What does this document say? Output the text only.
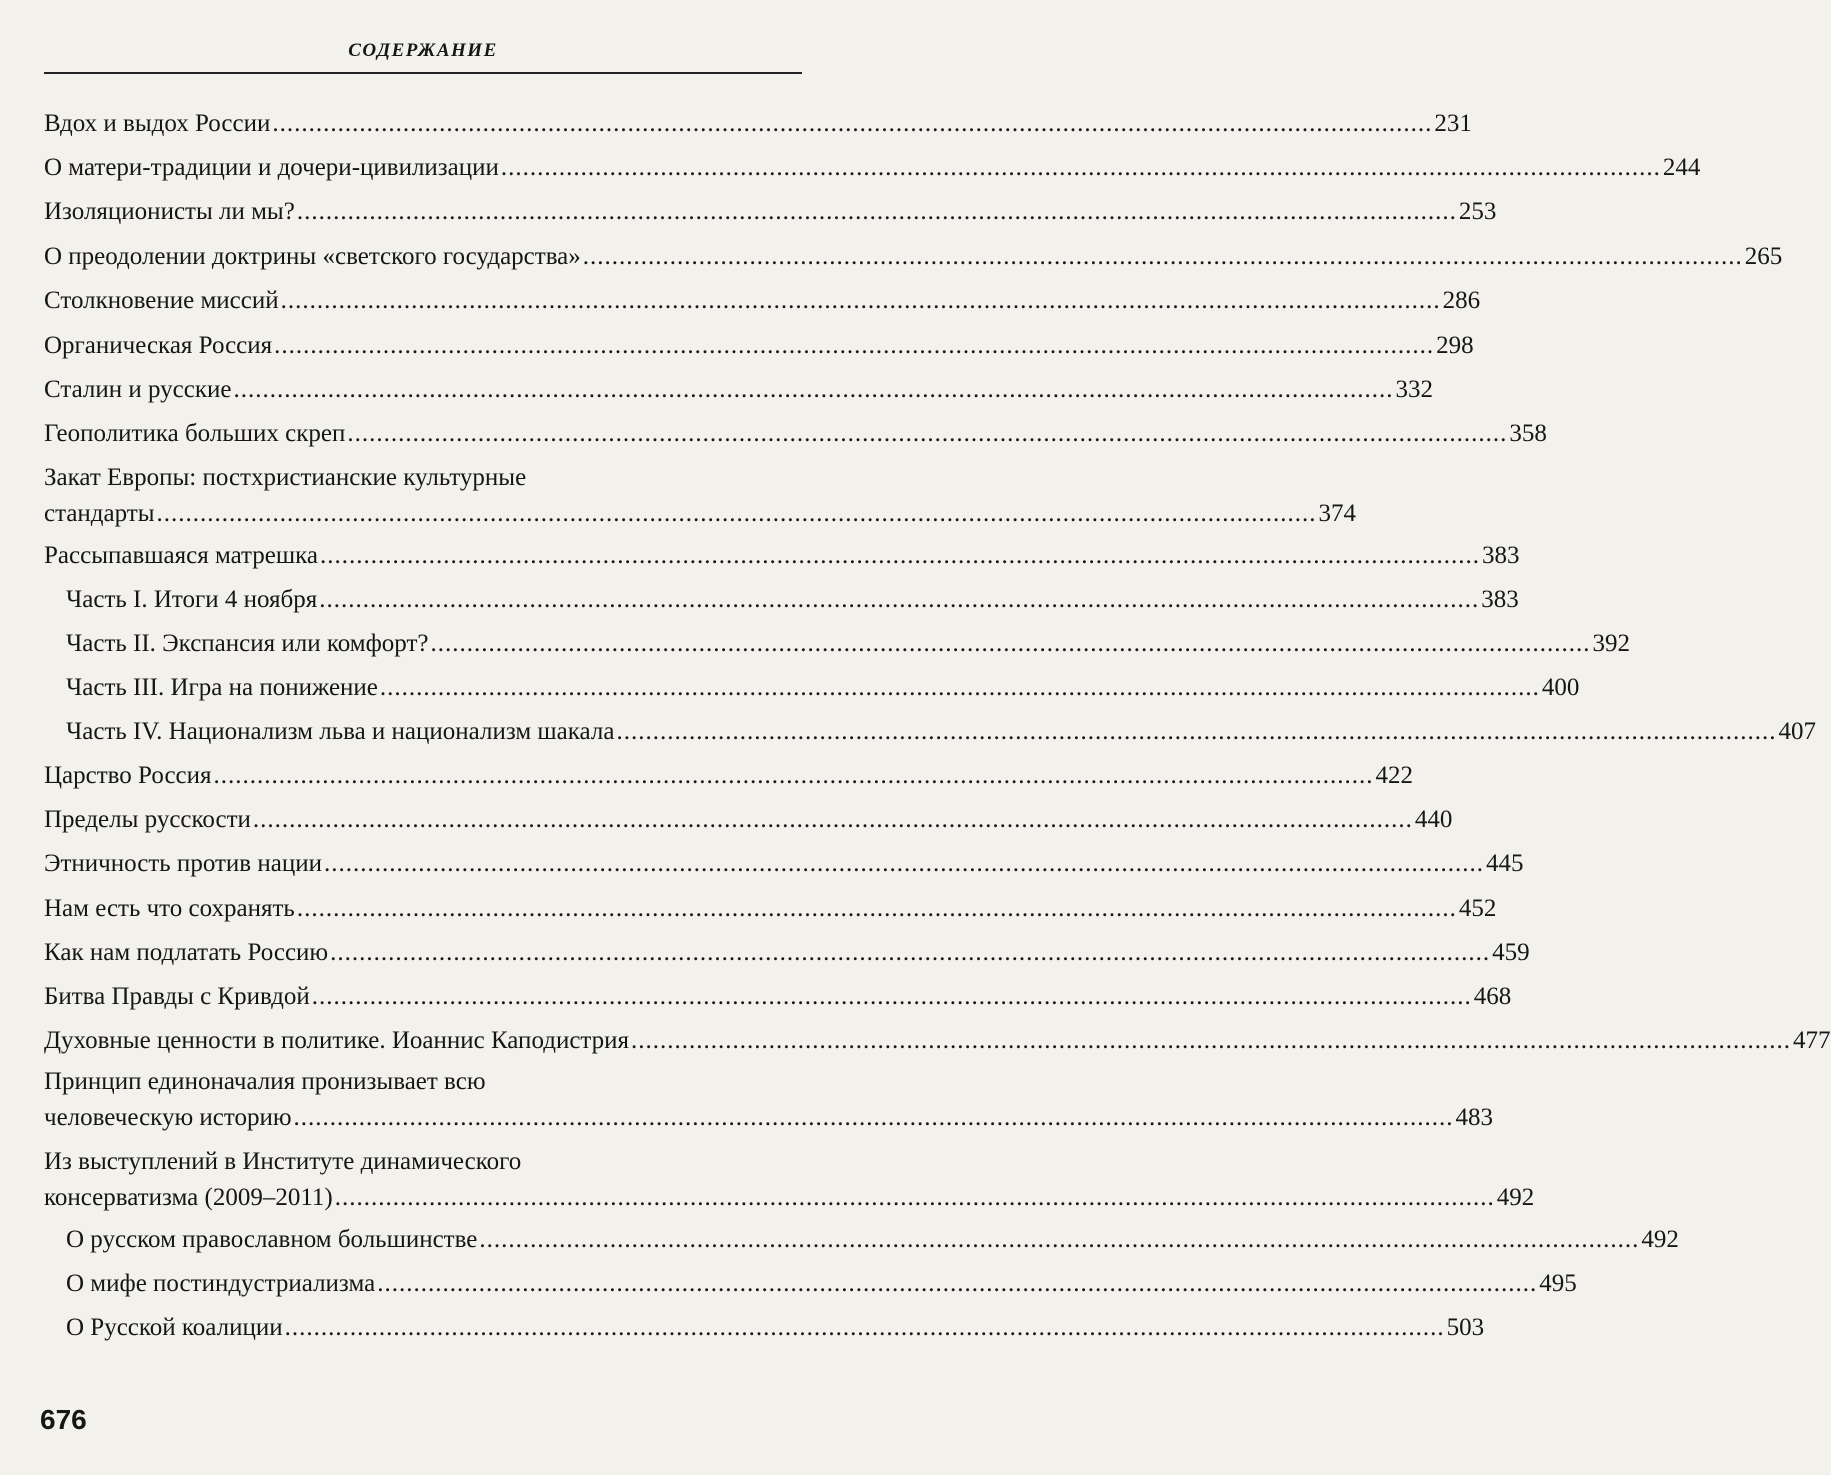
СОДЕРЖАНИЕ
Вдох и выдох России ................................................................................................................................................................ 231
О матери-традиции и дочери-цивилизации ................................................................................................................................................................ 244
Изоляционисты ли мы? ................................................................................................................................................................ 253
О преодолении доктрины «светского государства» ................................................................................................................................................................ 265
Столкновение миссий ................................................................................................................................................................ 286
Органическая Россия ................................................................................................................................................................ 298
Сталин и русские ................................................................................................................................................................ 332
Геополитика больших скреп ................................................................................................................................................................ 358
Закат Европы: постхристианские культурные
стандарты ................................................................................................................................................................ 374
Рассыпавшаяся матрешка ................................................................................................................................................................ 383
Часть I. Итоги 4 ноября ................................................................................................................................................................ 383
Часть II. Экспансия или комфорт? ................................................................................................................................................................ 392
Часть III. Игра на понижение ................................................................................................................................................................ 400
Часть IV. Национализм льва и национализм шакала ................................................................................................................................................................ 407
Царство Россия ................................................................................................................................................................ 422
Пределы русскости ................................................................................................................................................................ 440
Этничность против нации ................................................................................................................................................................ 445
Нам есть что сохранять ................................................................................................................................................................ 452
Как нам подлатать Россию ................................................................................................................................................................ 459
Битва Правды с Кривдой ................................................................................................................................................................ 468
Духовные ценности в политике. Иоаннис Каподистрия ................................................................................................................................................................ 477
Принцип единоначалия пронизывает всю
человеческую историю ................................................................................................................................................................ 483
Из выступлений в Институте динамического
консерватизма (2009–2011) ................................................................................................................................................................ 492
О русском православном большинстве ................................................................................................................................................................ 492
О мифе постиндустриализма ................................................................................................................................................................ 495
О Русской коалиции ................................................................................................................................................................ 503
676
